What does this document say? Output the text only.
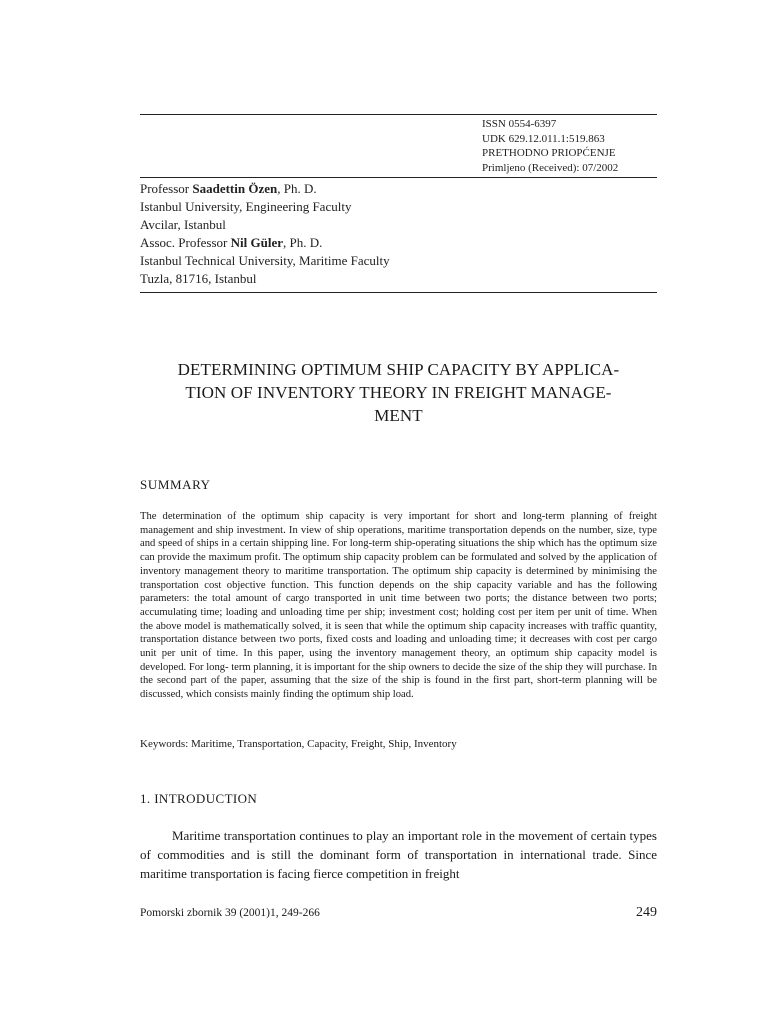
ISSN 0554-6397
UDK 629.12.011.1:519.863
PRETHODNO PRIOPĆENJE
Primljeno (Received): 07/2002
Professor Saadettin Özen, Ph. D.
Istanbul University, Engineering Faculty
Avcilar, Istanbul
Assoc. Professor Nil Güler, Ph. D.
Istanbul Technical University, Maritime Faculty
Tuzla, 81716, Istanbul
DETERMINING OPTIMUM SHIP CAPACITY BY APPLICA-
TION OF INVENTORY THEORY IN FREIGHT MANAGE-
MENT
SUMMARY

The determination of the optimum ship capacity is very important for short and long-term planning of freight management and ship investment. In view of ship operations, maritime transportation depends on the number, size, type and speed of ships in a certain shipping line. For long-term ship-operating situations the ship which has the optimum size can provide the maximum profit. The optimum ship capacity problem can be formulated and solved by the application of inventory management theory to maritime transportation. The optimum ship capacity is determined by minimising the transportation cost objective function. This function depends on the ship capacity variable and has the following parameters: the total amount of cargo transported in unit time between two ports; the distance between two ports; accumulating time; loading and unloading time per ship; investment cost; holding cost per item per unit of time. When the above model is mathematically solved, it is seen that while the optimum ship capacity increases with traffic quantity, transportation distance between two ports, fixed costs and loading and unloading time; it decreases with cost per cargo unit per unit of time. In this paper, using the inventory management theory, an optimum ship capacity model is developed. For long- term planning, it is important for the ship owners to decide the size of the ship they will purchase. In the second part of the paper, assuming that the size of the ship is found in the first part, short-term planning will be discussed, which consists mainly finding the optimum ship load.

Keywords: Maritime, Transportation, Capacity, Freight, Ship, Inventory

1. INTRODUCTION

Maritime transportation continues to play an important role in the movement of certain types of commodities and is still the dominant form of transportation in international trade. Since maritime transportation is facing fierce competition in freight

Pomorski zbornik 39 (2001)1, 249-266	249
